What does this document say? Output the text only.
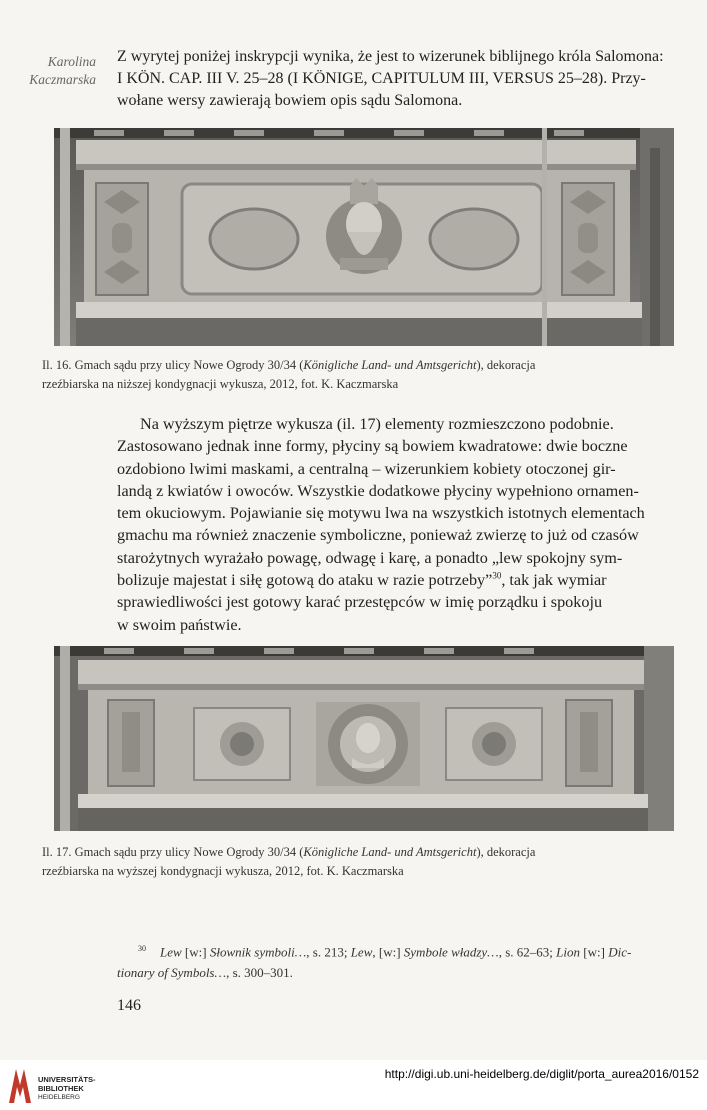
Karolina
Kaczmarska
Z wyrytej poniżej inskrypcji wynika, że jest to wizerunek biblijnego króla Salomona:
I KÖN. CAP. III V. 25–28 (I KÖNIGE, CAPITULUM III, VERSUS 25–28). Przy-
wołane wersy zawierają bowiem opis sądu Salomona.
Il. 16. Gmach sądu przy ulicy Nowe Ogrody 30/34 (Königliche Land- und Amtsgericht), dekoracja
rzeźbiarska na niższej kondygnacji wykusza, 2012, fot. K. Kaczmarska
Na wyższym piętrze wykusza (il. 17) elementy rozmieszczono podobnie.
Zastosowano jednak inne formy, płyciny są bowiem kwadratowe: dwie boczne
ozdobiono lwimi maskami, a centralną – wizerunkiem kobiety otoczonej gir-
landą z kwiatów i owoców. Wszystkie dodatkowe płyciny wypełniono ornamen-
tem okuciowym. Pojawianie się motywu lwa na wszystkich istotnych elementach
gmachu ma również znaczenie symboliczne, ponieważ zwierzę to już od czasów
starożytnych wyrażało powagę, odwagę i karę, a ponadto „lew spokojny sym-
bolizuje majestat i siłę gotową do ataku w razie potrzeby”$^{30}$, tak jak wymiar
sprawiedliwości jest gotowy karać przestępców w imię porządku i spokoju
w swoim państwie.
Il. 17. Gmach sądu przy ulicy Nowe Ogrody 30/34 (Königliche Land- und Amtsgericht), dekoracja
rzeźbiarska na wyższej kondygnacji wykusza, 2012, fot. K. Kaczmarska
$^{30}$ Lew [w:] Słownik symboli…, s. 213; Lew, [w:] Symbole władzy…, s. 62–63; Lion [w:] Dic-
tionary of Symbols…, s. 300–301.
146
UNIVERSITÄTS-
BIBLIOTHEK
HEIDELBERG
http://digi.ub.uni-heidelberg.de/diglit/porta_aurea2016/0152
